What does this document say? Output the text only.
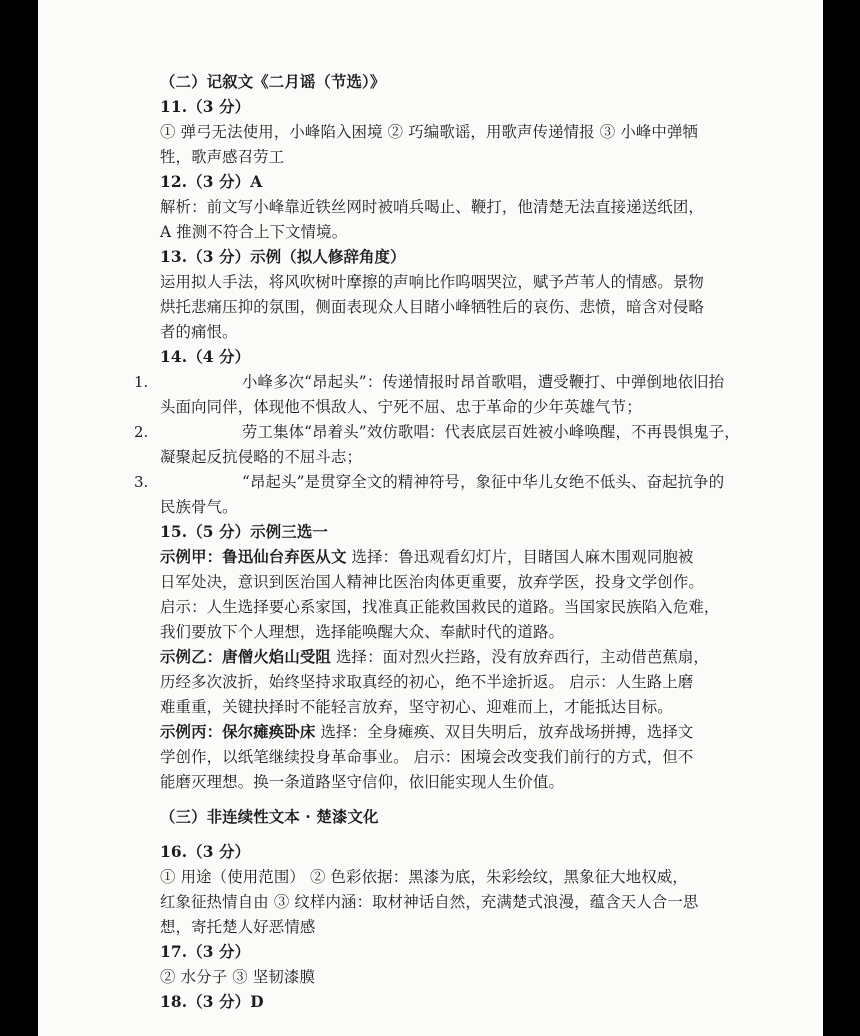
（二）记叙文《二月谣（节选）》
11.（3 分）
① 弹弓无法使用，小峰陷入困境 ② 巧编歌谣，用歌声传递情报 ③ 小峰中弹牺
牲，歌声感召劳工
12.（3 分）A
解析：前文写小峰靠近铁丝网时被哨兵喝止、鞭打，他清楚无法直接递送纸团，
A 推测不符合上下文情境。
13.（3 分）示例（拟人修辞角度）
运用拟人手法，将风吹树叶摩擦的声响比作呜咽哭泣，赋予芦苇人的情感。景物
烘托悲痛压抑的氛围，侧面表现众人目睹小峰牺牲后的哀伤、悲愤，暗含对侵略
者的痛恨。
14.（4 分）
1.	小峰多次“昂起头”：传递情报时昂首歌唱，遭受鞭打、中弹倒地依旧抬
头面向同伴，体现他不惧敌人、宁死不屈、忠于革命的少年英雄气节；
2.	劳工集体“昂着头”效仿歌唱：代表底层百姓被小峰唤醒，不再畏惧鬼子，
凝聚起反抗侵略的不屈斗志；
3.	“昂起头”是贯穿全文的精神符号，象征中华儿女绝不低头、奋起抗争的
民族骨气。
15.（5 分）示例三选一
示例甲：鲁迅仙台弃医从文 选择：鲁迅观看幻灯片，目睹国人麻木围观同胞被
日军处决，意识到医治国人精神比医治肉体更重要，放弃学医，投身文学创作。
启示：人生选择要心系家国，找准真正能救国救民的道路。当国家民族陷入危难，
我们要放下个人理想，选择能唤醒大众、奉献时代的道路。
示例乙：唐僧火焰山受阻 选择：面对烈火拦路，没有放弃西行，主动借芭蕉扇，
历经多次波折，始终坚持求取真经的初心，绝不半途折返。 启示：人生路上磨
难重重，关键抉择时不能轻言放弃，坚守初心、迎难而上，才能抵达目标。
示例丙：保尔瘫痪卧床 选择：全身瘫痪、双目失明后，放弃战场拼搏，选择文
学创作，以纸笔继续投身革命事业。 启示：困境会改变我们前行的方式，但不
能磨灭理想。换一条道路坚守信仰，依旧能实现人生价值。
（三）非连续性文本 · 楚漆文化
16.（3 分）
① 用途（使用范围） ② 色彩依据：黑漆为底，朱彩绘纹，黑象征大地权威，
红象征热情自由 ③ 纹样内涵：取材神话自然，充满楚式浪漫，蕴含天人合一思
想，寄托楚人好恶情感
17.（3 分）
② 水分子 ③ 坚韧漆膜
18.（3 分）D
